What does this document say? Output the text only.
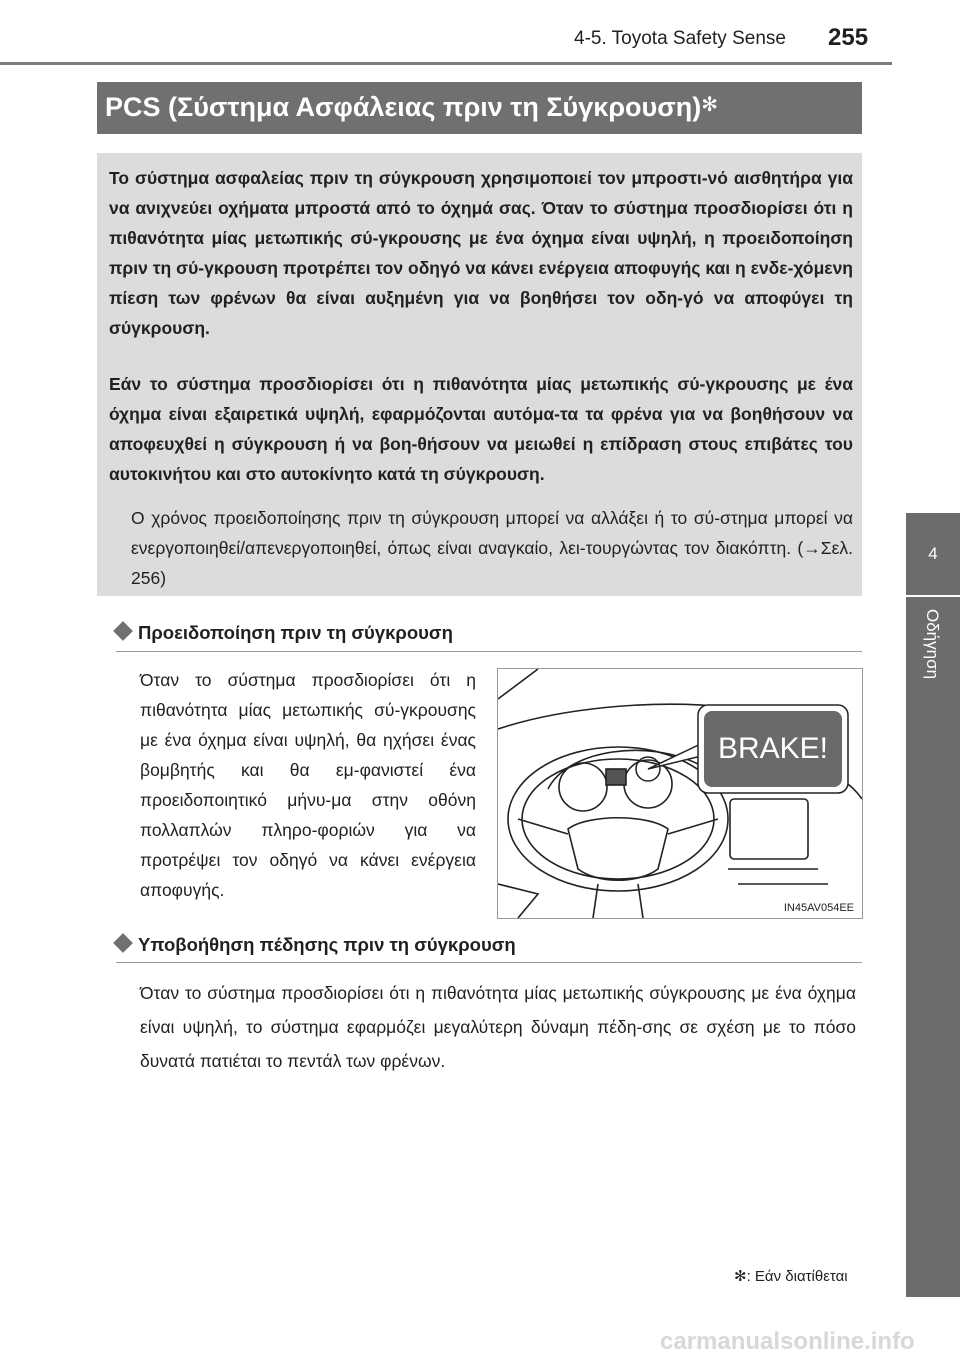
4-5. Toyota Safety Sense 255
4
Οδήγηση
PCS (Σύστημα Ασφάλειας πριν τη Σύγκρουση)✻

Το σύστημα ασφαλείας πριν τη σύγκρουση χρησιμοποιεί τον μπροστι-νό αισθητήρα για να ανιχνεύει οχήματα μπροστά από το όχημά σας. Όταν το σύστημα προσδιορίσει ότι η πιθανότητα μίας μετωπικής σύ-γκρουσης με ένα όχημα είναι υψηλή, η προειδοποίηση πριν τη σύ-γκρουση προτρέπει τον οδηγό να κάνει ενέργεια αποφυγής και η ενδε-χόμενη πίεση των φρένων θα είναι αυξημένη για να βοηθήσει τον οδη-γό να αποφύγει τη σύγκρουση.

Εάν το σύστημα προσδιορίσει ότι η πιθανότητα μίας μετωπικής σύ-γκρουσης με ένα όχημα είναι εξαιρετικά υψηλή, εφαρμόζονται αυτόμα-τα τα φρένα για να βοηθήσουν να αποφευχθεί η σύγκρουση ή να βοη-θήσουν να μειωθεί η επίδραση στους επιβάτες του αυτοκινήτου και στο αυτοκίνητο κατά τη σύγκρουση.

Ο χρόνος προειδοποίησης πριν τη σύγκρουση μπορεί να αλλάξει ή το σύ-στημα μπορεί να ενεργοποιηθεί/απενεργοποιηθεί, όπως είναι αναγκαίο, λει-τουργώντας τον διακόπτη. (→Σελ. 256)

Προειδοποίηση πριν τη σύγκρουση

Όταν το σύστημα προσδιορίσει ότι η πιθανότητα μίας μετωπικής σύ-γκρουσης με ένα όχημα είναι υψηλή, θα ηχήσει ένας βομβητής και θα εμ-φανιστεί ένα προειδοποιητικό μήνυ-μα στην οθόνη πολλαπλών πληρο-φοριών για να προτρέψει τον οδηγό να κάνει ενέργεια αποφυγής.

BRAKE!
IN45AV054EE
Υποβοήθηση πέδησης πριν τη σύγκρουση

Όταν το σύστημα προσδιορίσει ότι η πιθανότητα μίας μετωπικής σύγκρουσης με ένα όχημα είναι υψηλή, το σύστημα εφαρμόζει μεγαλύτερη δύναμη πέδη-σης σε σχέση με το πόσο δυνατά πατιέται το πεντάλ των φρένων.

✻: Εάν διατίθεται
carmanualsonline.info
